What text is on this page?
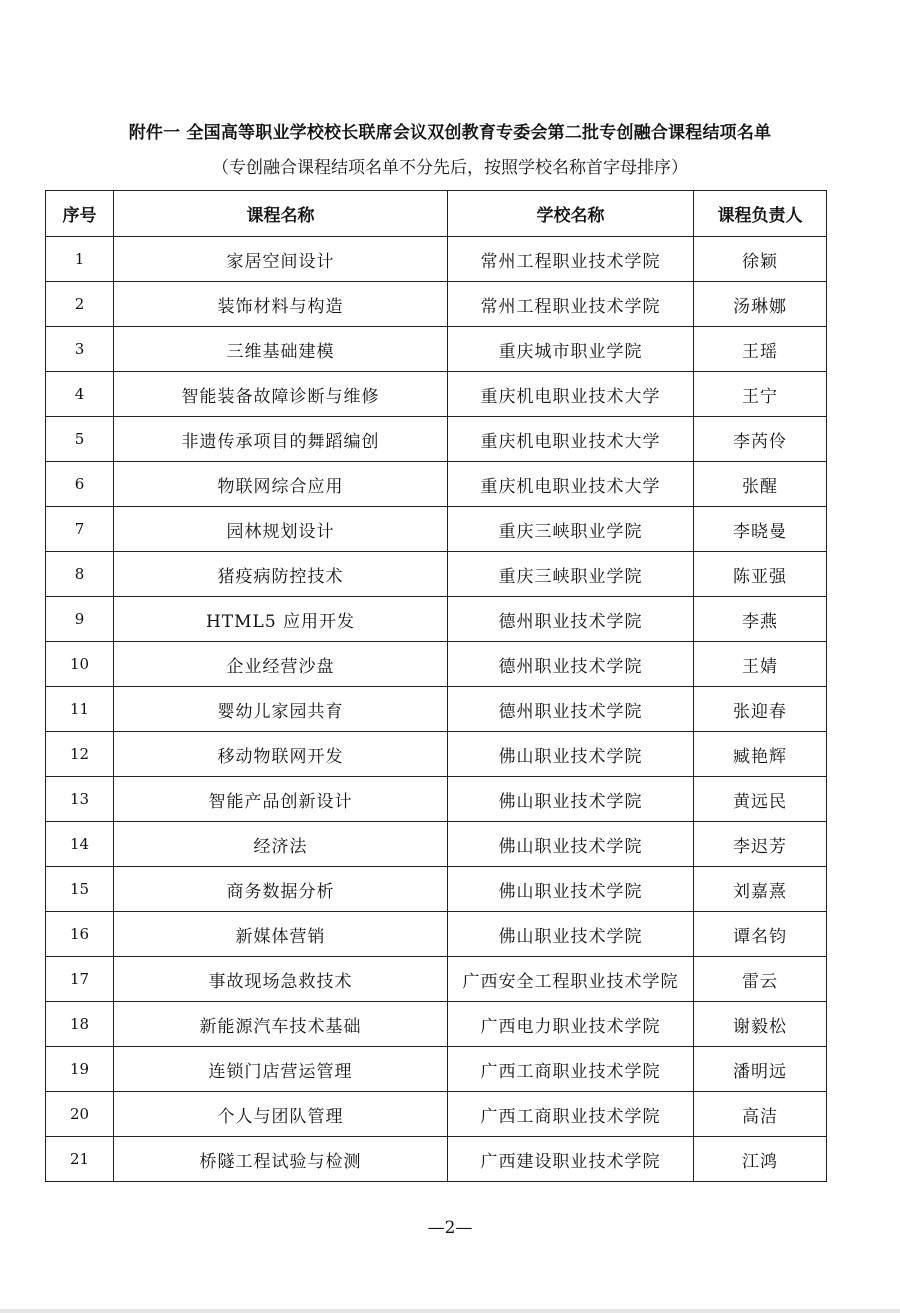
附件一 全国高等职业学校校长联席会议双创教育专委会第二批专创融合课程结项名单
（专创融合课程结项名单不分先后，按照学校名称首字母排序）
序号	课程名称	学校名称	课程负责人
1	家居空间设计	常州工程职业技术学院	徐颖
2	装饰材料与构造	常州工程职业技术学院	汤琳娜
3	三维基础建模	重庆城市职业学院	王瑶
4	智能装备故障诊断与维修	重庆机电职业技术大学	王宁
5	非遗传承项目的舞蹈编创	重庆机电职业技术大学	李芮伶
6	物联网综合应用	重庆机电职业技术大学	张醒
7	园林规划设计	重庆三峡职业学院	李晓曼
8	猪疫病防控技术	重庆三峡职业学院	陈亚强
9	HTML5 应用开发	德州职业技术学院	李燕
10	企业经营沙盘	德州职业技术学院	王婧
11	婴幼儿家园共育	德州职业技术学院	张迎春
12	移动物联网开发	佛山职业技术学院	臧艳辉
13	智能产品创新设计	佛山职业技术学院	黄远民
14	经济法	佛山职业技术学院	李迟芳
15	商务数据分析	佛山职业技术学院	刘嘉熹
16	新媒体营销	佛山职业技术学院	谭名钧
17	事故现场急救技术	广西安全工程职业技术学院	雷云
18	新能源汽车技术基础	广西电力职业技术学院	谢毅松
19	连锁门店营运管理	广西工商职业技术学院	潘明远
20	个人与团队管理	广西工商职业技术学院	高洁
21	桥隧工程试验与检测	广西建设职业技术学院	江鸿
—2—
